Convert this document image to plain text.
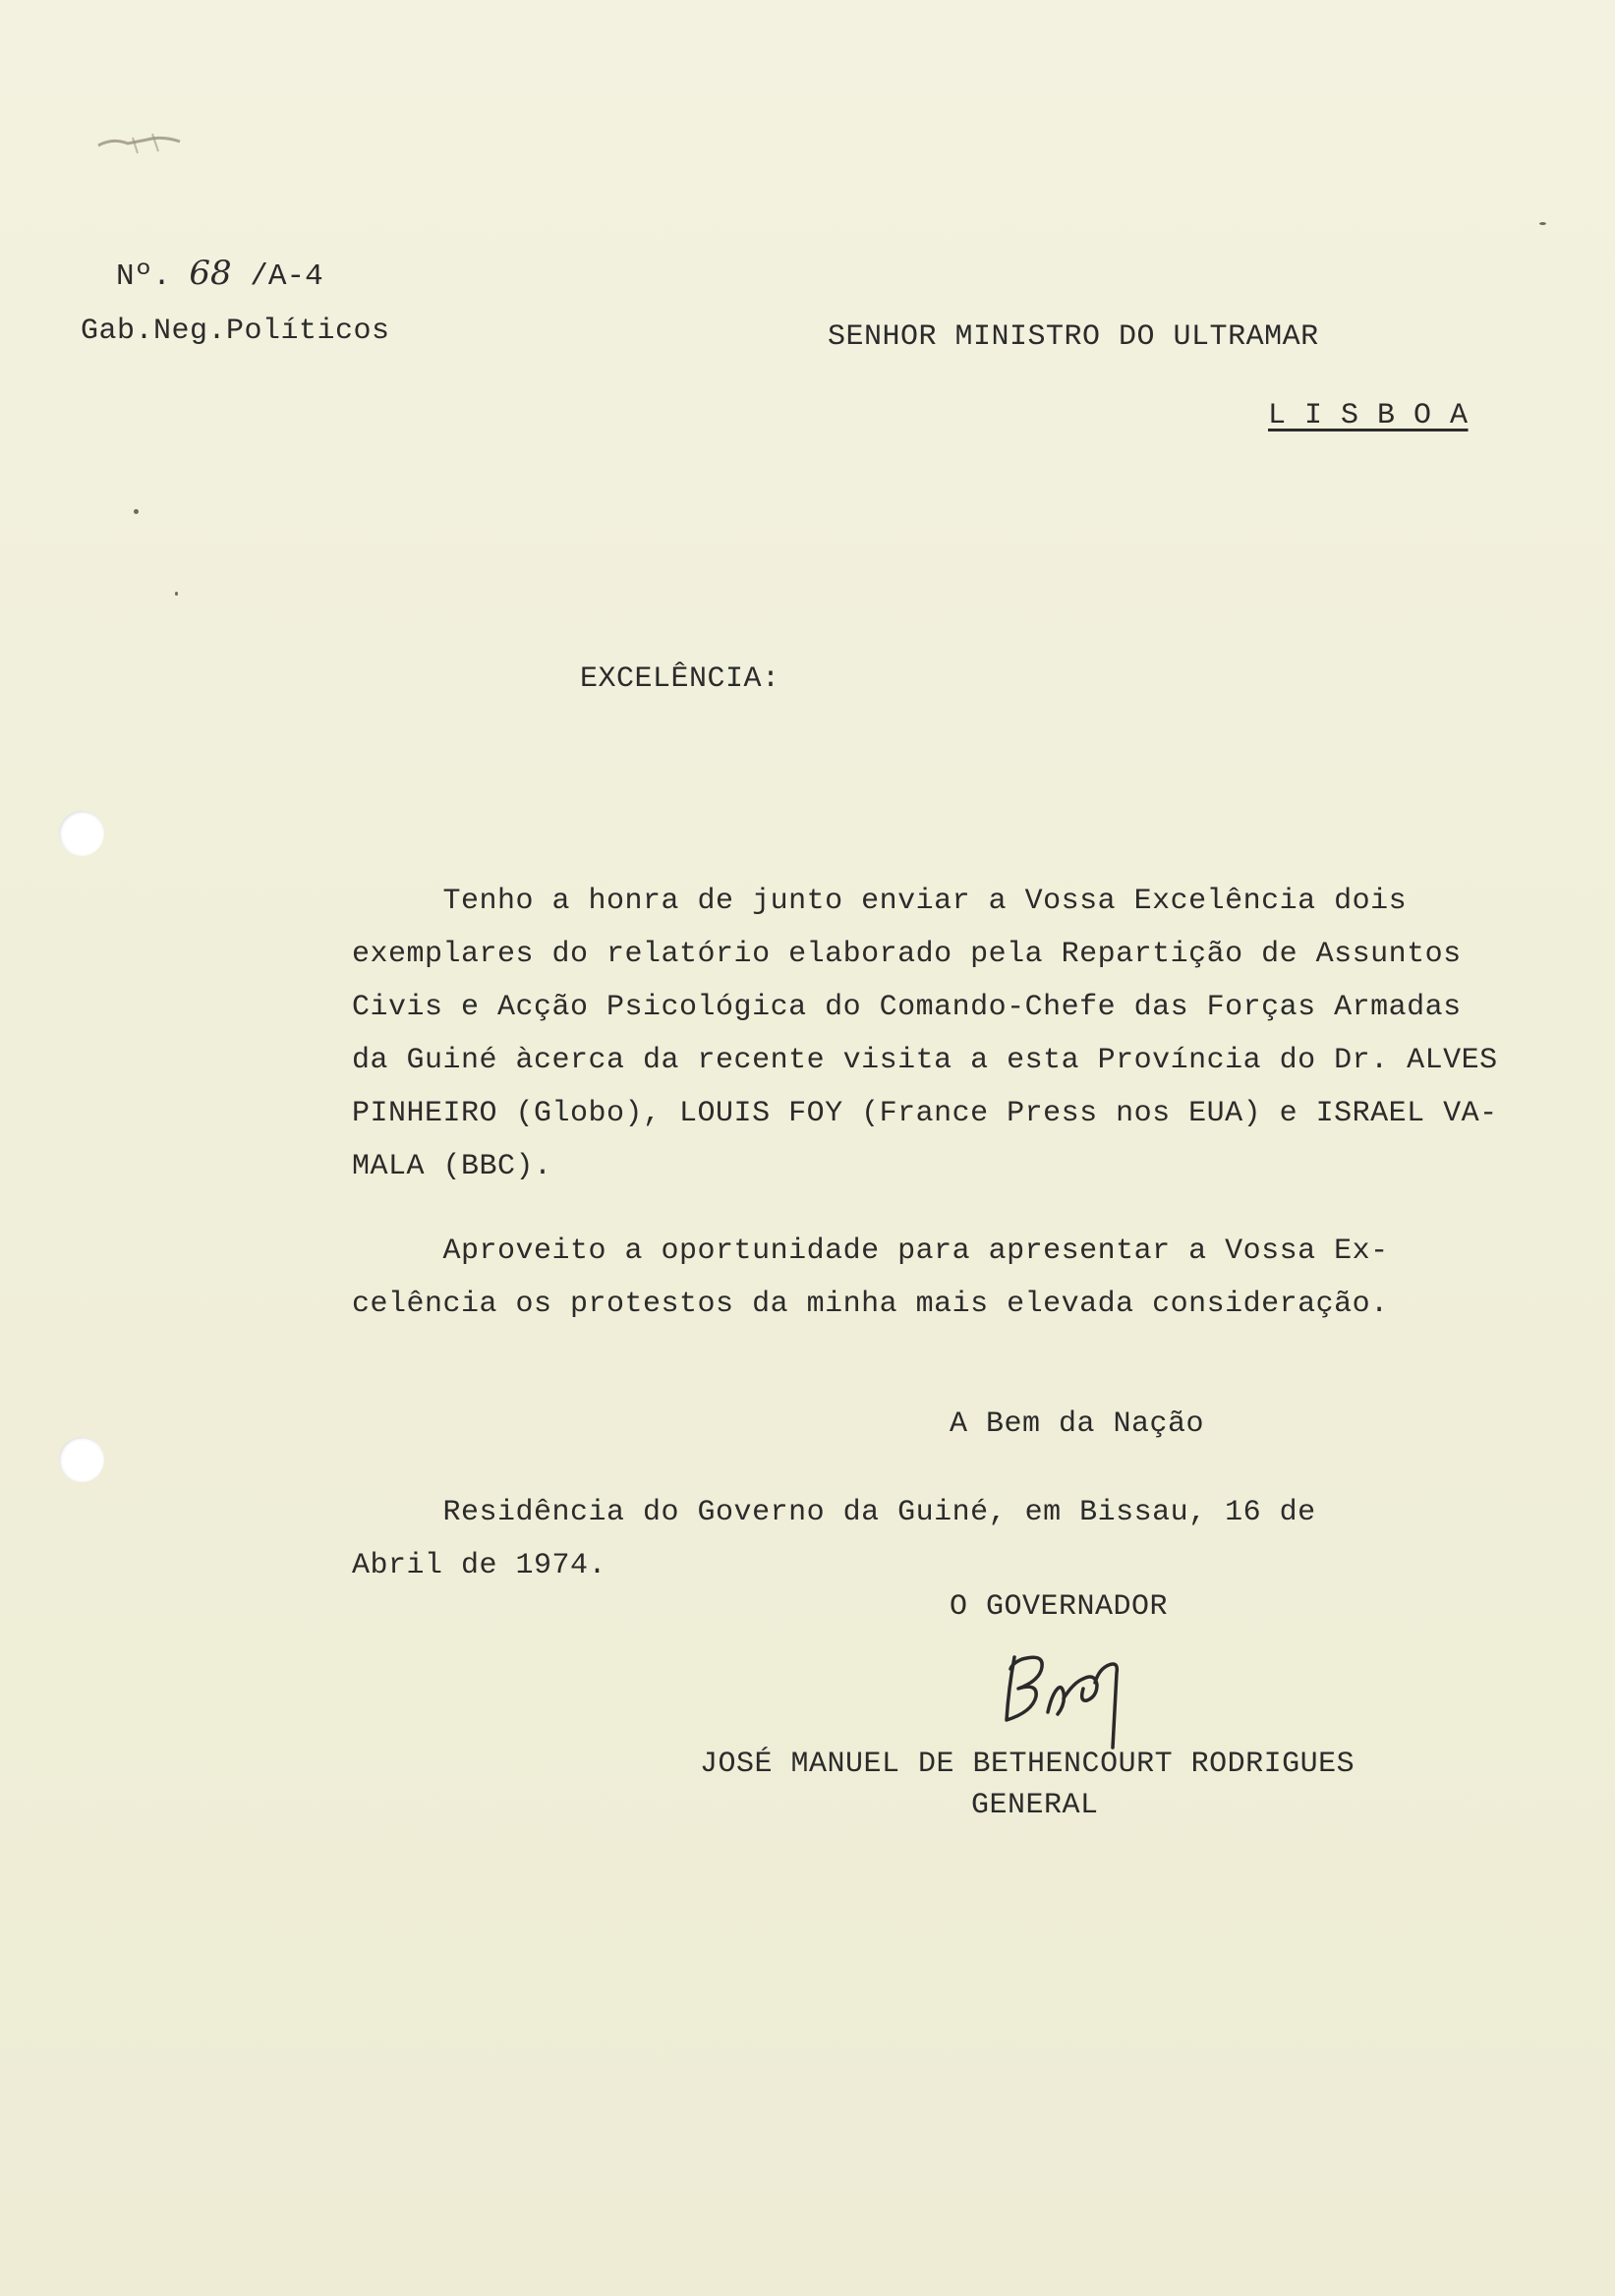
Nº. 68 /A-4
Gab.Neg.Políticos	SENHOR MINISTRO DO ULTRAMAR
L I S B O A
EXCELÊNCIA:
Tenho a honra de junto enviar a Vossa Excelência dois
exemplares do relatório elaborado pela Repartição de Assuntos
Civis e Acção Psicológica do Comando-Chefe das Forças Armadas
da Guiné àcerca da recente visita a esta Província do Dr. ALVES
PINHEIRO (Globo), LOUIS FOY (France Press nos EUA) e ISRAEL VA-
MALA (BBC).
Aproveito a oportunidade para apresentar a Vossa Ex-
celência os protestos da minha mais elevada consideração.
A Bem da Nação
Residência do Governo da Guiné, em Bissau, 16 de
Abril de 1974.
O GOVERNADOR
JOSÉ MANUEL DE BETHENCOURT RODRIGUES
GENERAL
